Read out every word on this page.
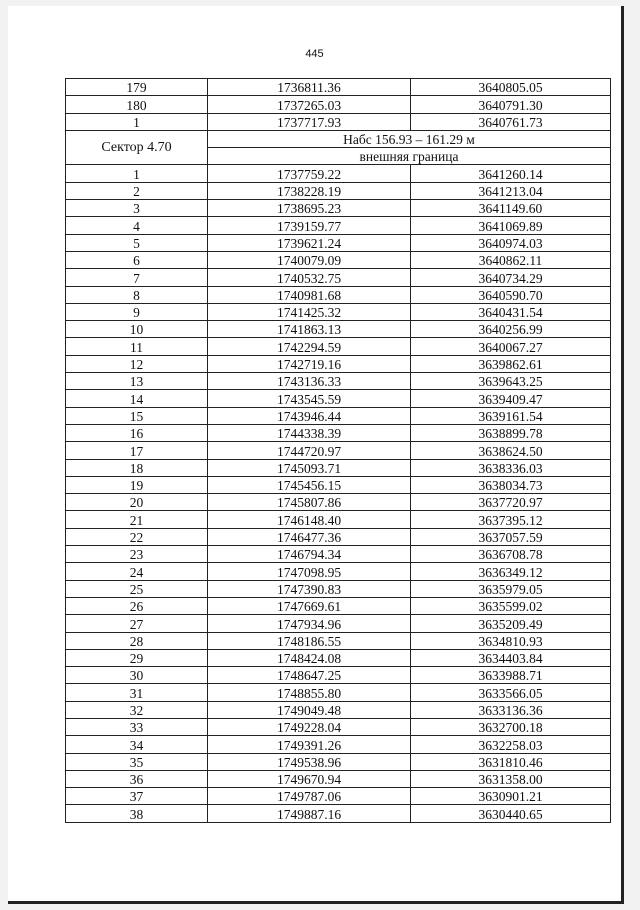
445
179	1736811.36	3640805.05
180	1737265.03	3640791.30
1	1737717.93	3640761.73
Сектор 4.70	Набс 156.93 – 161.29 м	
	внешняя граница	
1	1737759.22	3641260.14
2	1738228.19	3641213.04
3	1738695.23	3641149.60
4	1739159.77	3641069.89
5	1739621.24	3640974.03
6	1740079.09	3640862.11
7	1740532.75	3640734.29
8	1740981.68	3640590.70
9	1741425.32	3640431.54
10	1741863.13	3640256.99
11	1742294.59	3640067.27
12	1742719.16	3639862.61
13	1743136.33	3639643.25
14	1743545.59	3639409.47
15	1743946.44	3639161.54
16	1744338.39	3638899.78
17	1744720.97	3638624.50
18	1745093.71	3638336.03
19	1745456.15	3638034.73
20	1745807.86	3637720.97
21	1746148.40	3637395.12
22	1746477.36	3637057.59
23	1746794.34	3636708.78
24	1747098.95	3636349.12
25	1747390.83	3635979.05
26	1747669.61	3635599.02
27	1747934.96	3635209.49
28	1748186.55	3634810.93
29	1748424.08	3634403.84
30	1748647.25	3633988.71
31	1748855.80	3633566.05
32	1749049.48	3633136.36
33	1749228.04	3632700.18
34	1749391.26	3632258.03
35	1749538.96	3631810.46
36	1749670.94	3631358.00
37	1749787.06	3630901.21
38	1749887.16	3630440.65
